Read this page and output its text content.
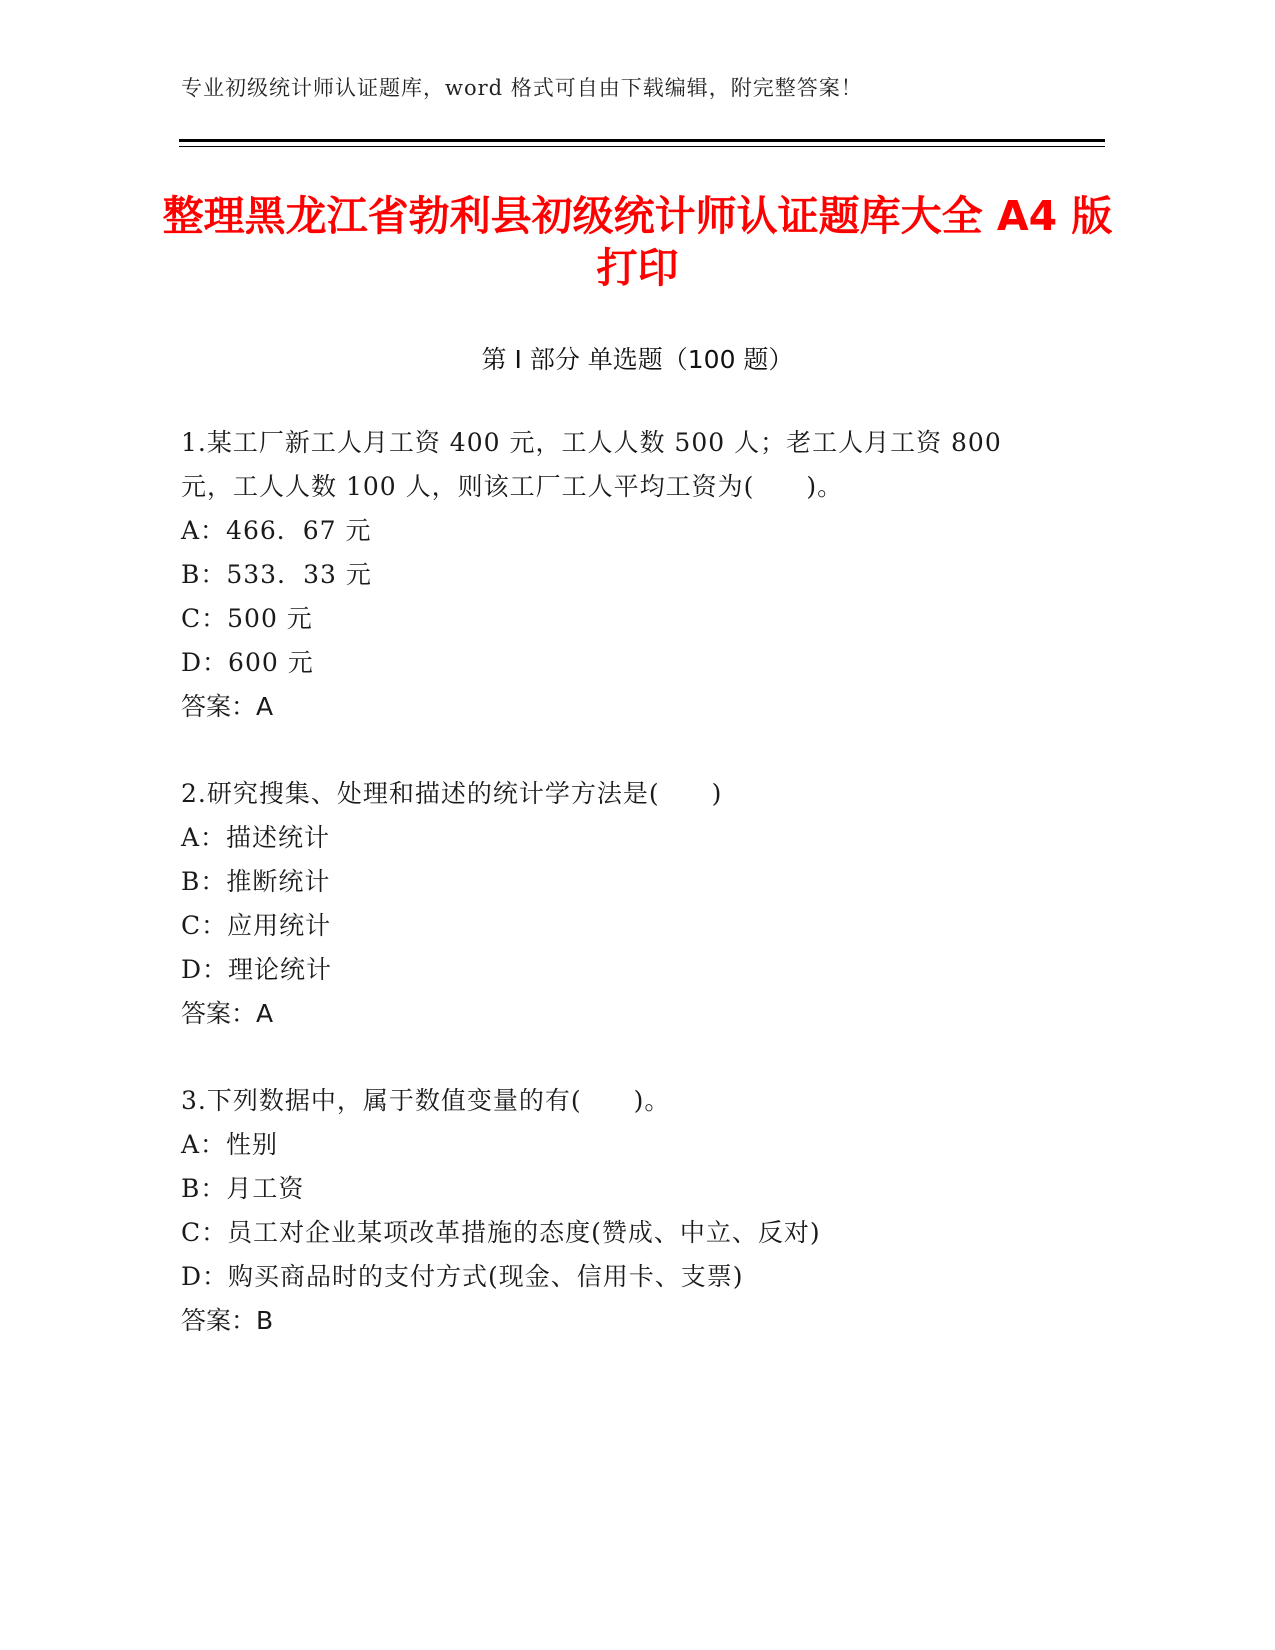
专业初级统计师认证题库，word 格式可自由下载编辑，附完整答案！
整理黑龙江省勃利县初级统计师认证题库大全 A4 版打印
第 I 部分 单选题（100 题）
1.某工厂新工人月工资 400 元，工人人数 500 人；老工人月工资 800 元，工人人数 100 人，则该工厂工人平均工资为(　　)。
A：466．67 元
B：533．33 元
C：500 元
D：600 元
答案：A
2.研究搜集、处理和描述的统计学方法是(　　)
A：描述统计
B：推断统计
C：应用统计
D：理论统计
答案：A
3.下列数据中，属于数值变量的有(　　)。
A：性别
B：月工资
C：员工对企业某项改革措施的态度(赞成、中立、反对)
D：购买商品时的支付方式(现金、信用卡、支票)
答案：B
